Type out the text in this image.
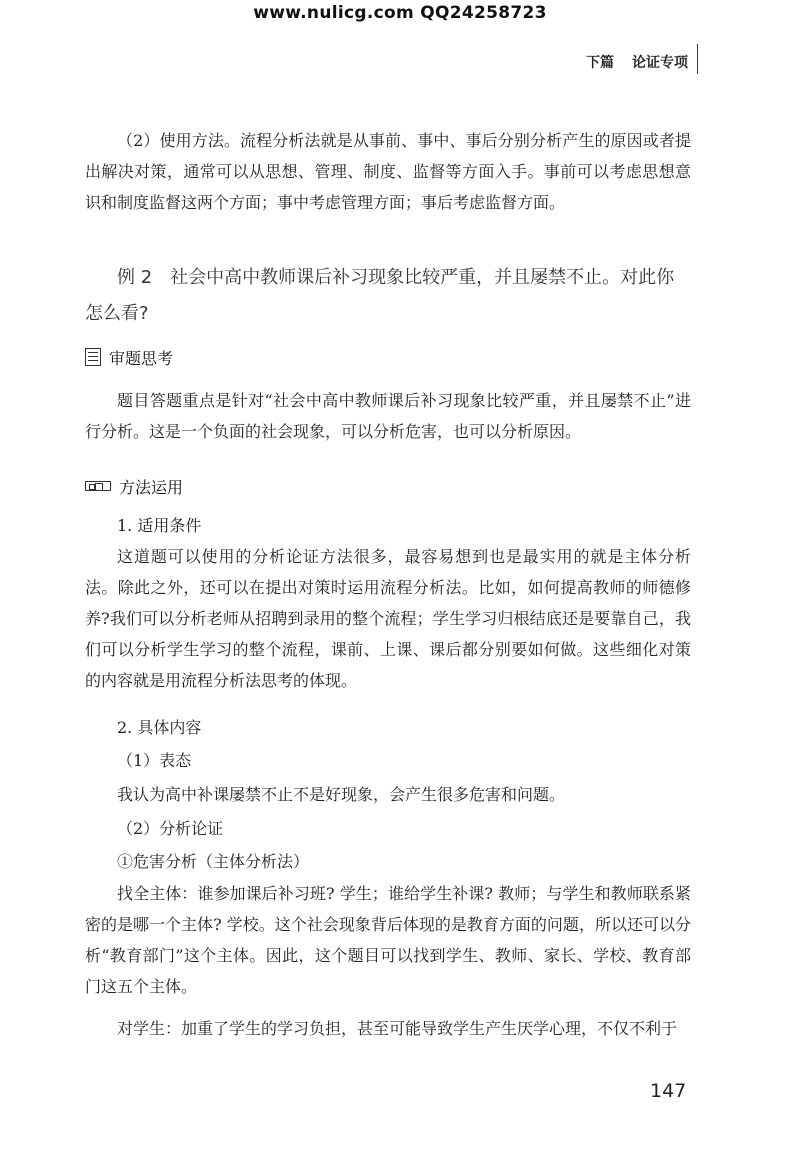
www.nulicg.com QQ24258723
下篇 论证专项

（2）使用方法。流程分析法就是从事前、事中、事后分别分析产生的原因或者提出解决对策，通常可以从思想、管理、制度、监督等方面入手。事前可以考虑思想意识和制度监督这两个方面；事中考虑管理方面；事后考虑监督方面。

例 2　社会中高中教师课后补习现象比较严重，并且屡禁不止。对此你怎么看?

审题思考

题目答题重点是针对“社会中高中教师课后补习现象比较严重，并且屡禁不止”进行分析。这是一个负面的社会现象，可以分析危害，也可以分析原因。

方法运用

1. 适用条件

这道题可以使用的分析论证方法很多，最容易想到也是最实用的就是主体分析法。除此之外，还可以在提出对策时运用流程分析法。比如，如何提高教师的师德修养?我们可以分析老师从招聘到录用的整个流程；学生学习归根结底还是要靠自己，我们可以分析学生学习的整个流程，课前、上课、课后都分别要如何做。这些细化对策的内容就是用流程分析法思考的体现。

2. 具体内容

（1）表态

我认为高中补课屡禁不止不是好现象，会产生很多危害和问题。

（2）分析论证

①危害分析（主体分析法）

找全主体：谁参加课后补习班? 学生；谁给学生补课? 教师；与学生和教师联系紧密的是哪一个主体? 学校。这个社会现象背后体现的是教育方面的问题，所以还可以分析“教育部门”这个主体。因此，这个题目可以找到学生、教师、家长、学校、教育部门这五个主体。

对学生：加重了学生的学习负担，甚至可能导致学生产生厌学心理，不仅不利于

147
